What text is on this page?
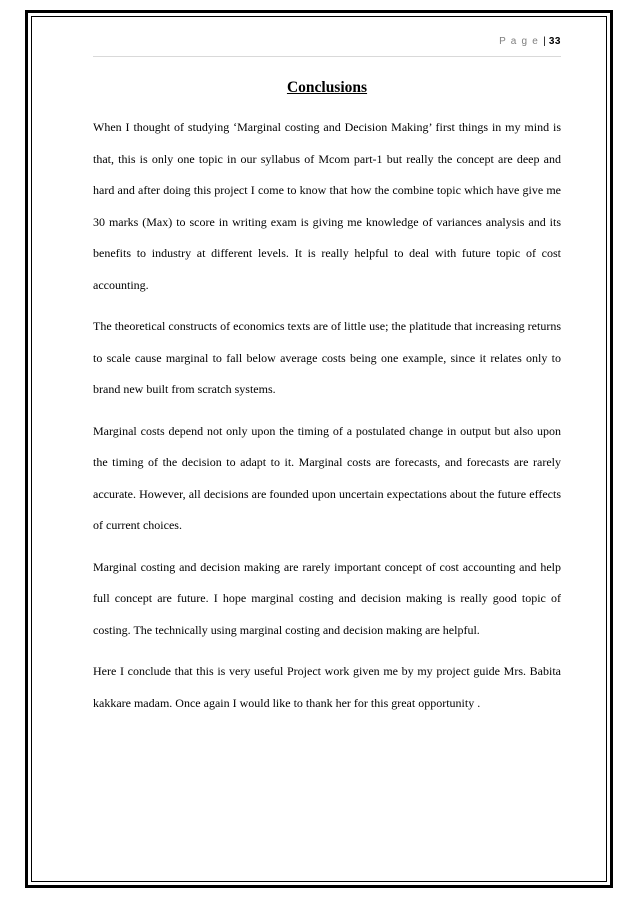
P a g e | 33
Conclusions

When I thought of studying ‘Marginal costing and Decision Making’ first things in my mind is that, this is only one topic in our syllabus of Mcom part-1 but really the concept are deep and hard and after doing this project I come to know that how the combine topic which have give me 30 marks (Max) to score in writing exam is giving me knowledge of variances analysis and its benefits to industry at different levels. It is really helpful to deal with future topic of cost accounting.

The theoretical constructs of economics texts are of little use; the platitude that increasing returns to scale cause marginal to fall below average costs being one example, since it relates only to brand new built from scratch systems.

Marginal costs depend not only upon the timing of a postulated change in output but also upon the timing of the decision to adapt to it. Marginal costs are forecasts, and forecasts are rarely accurate. However, all decisions are founded upon uncertain expectations about the future effects of current choices.

Marginal costing and decision making are rarely important concept of cost accounting and help full concept are future. I hope marginal costing and decision making is really good topic of costing. The technically using marginal costing and decision making are helpful.

Here I conclude that this is very useful Project work given me by my project guide Mrs. Babita kakkare madam. Once again I would like to thank her for this great opportunity .
